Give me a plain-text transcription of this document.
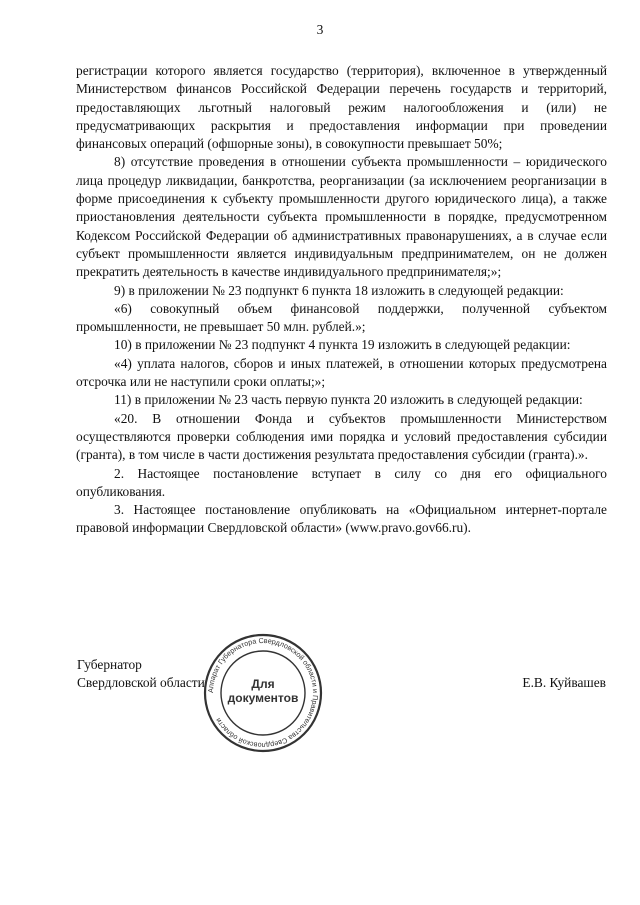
3

регистрации которого является государство (территория), включенное в утвержденный Министерством финансов Российской Федерации перечень государств и территорий, предоставляющих льготный налоговый режим налогообложения и (или) не предусматривающих раскрытия и предоставления информации при проведении финансовых операций (офшорные зоны), в совокупности превышает 50%;

8) отсутствие проведения в отношении субъекта промышленности – юридического лица процедур ликвидации, банкротства, реорганизации (за исключением реорганизации в форме присоединения к субъекту промышленности другого юридического лица), а также приостановления деятельности субъекта промышленности в порядке, предусмотренном Кодексом Российской Федерации об административных правонарушениях, а в случае если субъект промышленности является индивидуальным предпринимателем, он не должен прекратить деятельность в качестве индивидуального предпринимателя;»;

9) в приложении № 23 подпункт 6 пункта 18 изложить в следующей редакции:

«6) совокупный объем финансовой поддержки, полученной субъектом промышленности, не превышает 50 млн. рублей.»;

10) в приложении № 23 подпункт 4 пункта 19 изложить в следующей редакции:

«4) уплата налогов, сборов и иных платежей, в отношении которых предусмотрена отсрочка или не наступили сроки оплаты;»;

11) в приложении № 23 часть первую пункта 20 изложить в следующей редакции:

«20. В отношении Фонда и субъектов промышленности Министерством осуществляются проверки соблюдения ими порядка и условий предоставления субсидии (гранта), в том числе в части достижения результата предоставления субсидии (гранта).».

2. Настоящее постановление вступает в силу со дня его официального опубликования.

3. Настоящее постановление опубликовать на «Официальном интернет-портале правовой информации Свердловской области» (www.pravo.gov66.ru).

Губернатор
Свердловской области
Аппарат Губернатора Свердловской области и Правительства Свердловской области
Для
документов
Е.В. Куйвашев
